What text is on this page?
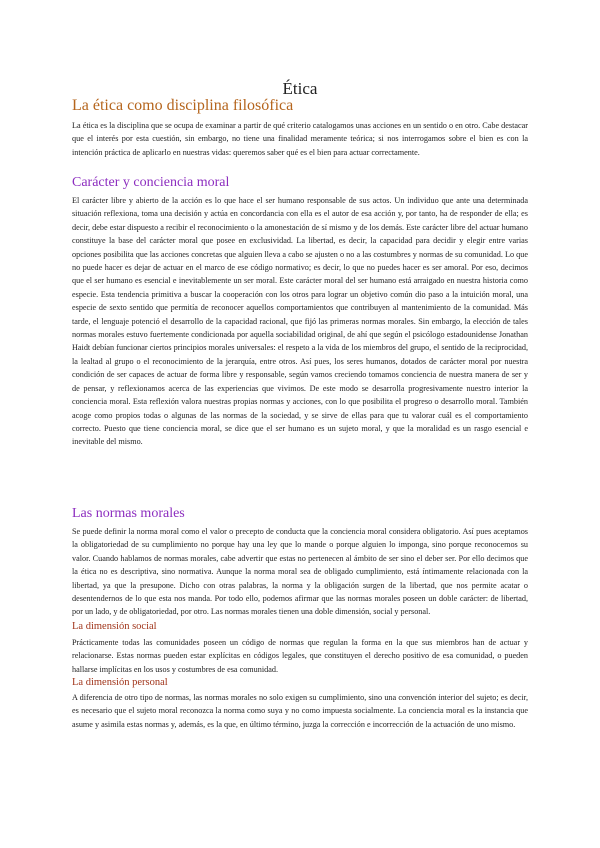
Ética
La ética como disciplina filosófica
La ética es la disciplina que se ocupa de examinar a partir de qué criterio catalogamos unas acciones en un sentido o en otro. Cabe destacar que el interés por esta cuestión, sin embargo, no tiene una finalidad meramente teórica; si nos interrogamos sobre el bien es con la intención práctica de aplicarlo en nuestras vidas: queremos saber qué es el bien para actuar correctamente.
Carácter y conciencia moral
El carácter libre y abierto de la acción es lo que hace el ser humano responsable de sus actos. Un individuo que ante una determinada situación reflexiona, toma una decisión y actúa en concordancia con ella es el autor de esa acción y, por tanto, ha de responder de ella; es decir, debe estar dispuesto a recibir el reconocimiento o la amonestación de sí mismo y de los demás. Este carácter libre del actuar humano constituye la base del carácter moral que posee en exclusividad. La libertad, es decir, la capacidad para decidir y elegir entre varias opciones posibilita que las acciones concretas que alguien lleva a cabo se ajusten o no a las costumbres y normas de su comunidad. Lo que no puede hacer es dejar de actuar en el marco de ese código normativo; es decir, lo que no puedes hacer es ser amoral. Por eso, decimos que el ser humano es esencial e inevitablemente un ser moral. Este carácter moral del ser humano está arraigado en nuestra historia como especie. Esta tendencia primitiva a buscar la cooperación con los otros para lograr un objetivo común dio paso a la intuición moral, una especie de sexto sentido que permitía de reconocer aquellos comportamientos que contribuyen al mantenimiento de la comunidad. Más tarde, el lenguaje potenció el desarrollo de la capacidad racional, que fijó las primeras normas morales. Sin embargo, la elección de tales normas morales estuvo fuertemente condicionada por aquella sociabilidad original, de ahí que según el psicólogo estadounidense Jonathan Haidt debían funcionar ciertos principios morales universales: el respeto a la vida de los miembros del grupo, el sentido de la reciprocidad, la lealtad al grupo o el reconocimiento de la jerarquía, entre otros. Así pues, los seres humanos, dotados de carácter moral por nuestra condición de ser capaces de actuar de forma libre y responsable, según vamos creciendo tomamos conciencia de nuestra manera de ser y de pensar, y reflexionamos acerca de las experiencias que vivimos. De este modo se desarrolla progresivamente nuestro interior la conciencia moral. Esta reflexión valora nuestras propias normas y acciones, con lo que posibilita el progreso o desarrollo moral. También acoge como propios todas o algunas de las normas de la sociedad, y se sirve de ellas para que tu valorar cuál es el comportamiento correcto. Puesto que tiene conciencia moral, se dice que el ser humano es un sujeto moral, y que la moralidad es un rasgo esencial e inevitable del mismo.
Las normas morales
Se puede definir la norma moral como el valor o precepto de conducta que la conciencia moral considera obligatorio. Así pues aceptamos la obligatoriedad de su cumplimiento no porque hay una ley que lo mande o porque alguien lo imponga, sino porque reconocemos su valor. Cuando hablamos de normas morales, cabe advertir que estas no pertenecen al ámbito de ser sino el deber ser. Por ello decimos que la ética no es descriptiva, sino normativa. Aunque la norma moral sea de obligado cumplimiento, está íntimamente relacionada con la libertad, ya que la presupone. Dicho con otras palabras, la norma y la obligación surgen de la libertad, que nos permite acatar o desentendernos de lo que esta nos manda. Por todo ello, podemos afirmar que las normas morales poseen un doble carácter: de libertad, por un lado, y de obligatoriedad, por otro. Las normas morales tienen una doble dimensión, social y personal.
La dimensión social
Prácticamente todas las comunidades poseen un código de normas que regulan la forma en la que sus miembros han de actuar y relacionarse. Estas normas pueden estar explícitas en códigos legales, que constituyen el derecho positivo de esa comunidad, o pueden hallarse implícitas en los usos y costumbres de esa comunidad.
La dimensión personal
A diferencia de otro tipo de normas, las normas morales no solo exigen su cumplimiento, sino una convención interior del sujeto; es decir, es necesario que el sujeto moral reconozca la norma como suya y no como impuesta socialmente. La conciencia moral es la instancia que asume y asimila estas normas y, además, es la que, en último término, juzga la corrección e incorrección de la actuación de uno mismo.
